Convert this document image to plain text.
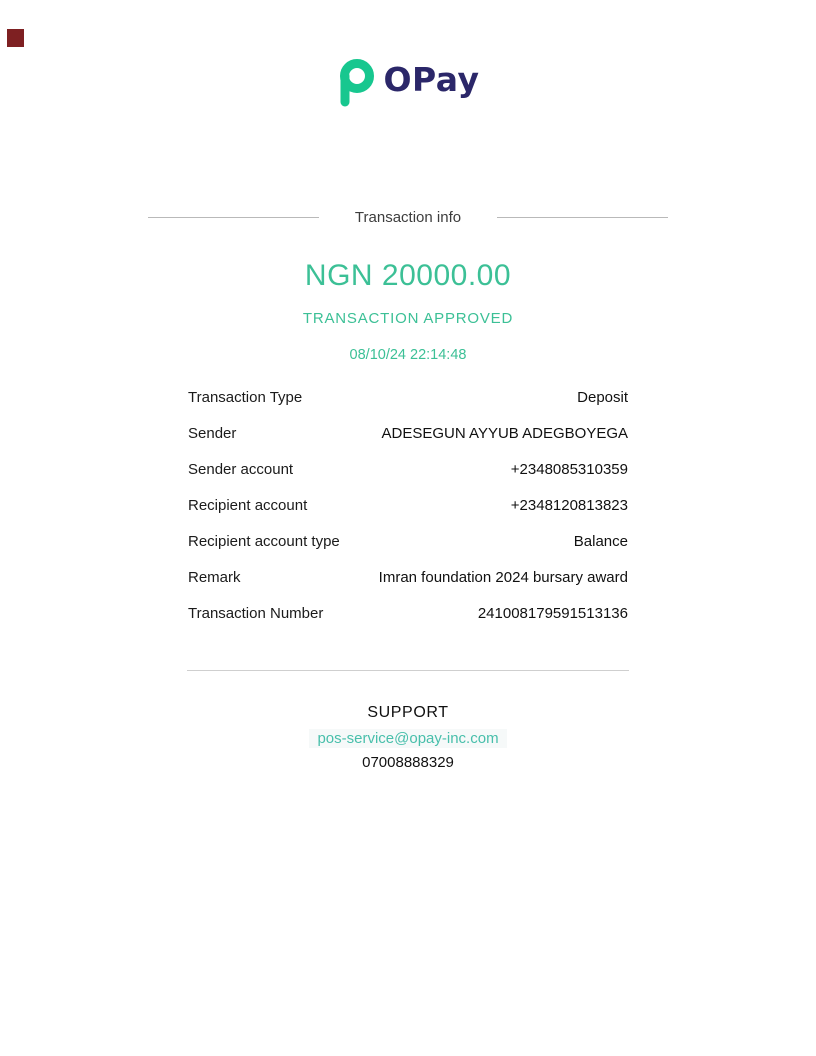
OPay
Transaction info
NGN 20000.00
TRANSACTION APPROVED
08/10/24 22:14:48
Transaction Type	Deposit
Sender	ADESEGUN AYYUB ADEGBOYEGA
Sender account	+2348085310359
Recipient account	+2348120813823
Recipient account type	Balance
Remark	Imran foundation 2024 bursary award
Transaction Number	241008179591513136
SUPPORT
pos-service@opay-inc.com
07008888329
